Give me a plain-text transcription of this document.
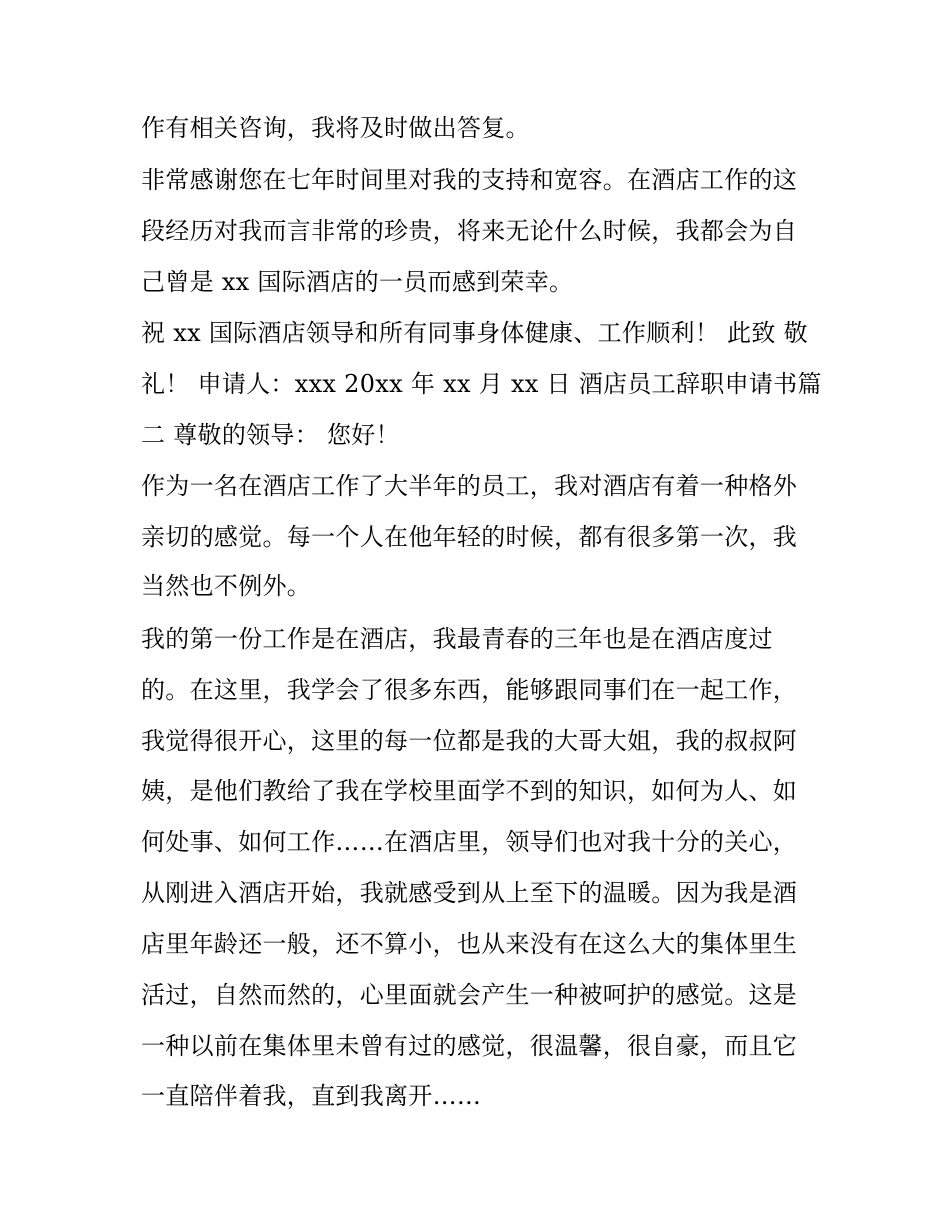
作有相关咨询，我将及时做出答复。
非常感谢您在七年时间里对我的支持和宽容。在酒店工作的这
段经历对我而言非常的珍贵，将来无论什么时候，我都会为自
己曾是 xx 国际酒店的一员而感到荣幸。
祝 xx 国际酒店领导和所有同事身体健康、工作顺利！ 此致 敬
礼！ 申请人：xxx 20xx 年 xx 月 xx 日 酒店员工辞职申请书篇
二 尊敬的领导： 您好！
作为一名在酒店工作了大半年的员工，我对酒店有着一种格外
亲切的感觉。每一个人在他年轻的时候，都有很多第一次，我
当然也不例外。
我的第一份工作是在酒店，我最青春的三年也是在酒店度过
的。在这里，我学会了很多东西，能够跟同事们在一起工作，
我觉得很开心，这里的每一位都是我的大哥大姐，我的叔叔阿
姨，是他们教给了我在学校里面学不到的知识，如何为人、如
何处事、如何工作……在酒店里，领导们也对我十分的关心，
从刚进入酒店开始，我就感受到从上至下的温暖。因为我是酒
店里年龄还一般，还不算小，也从来没有在这么大的集体里生
活过，自然而然的，心里面就会产生一种被呵护的感觉。这是
一种以前在集体里未曾有过的感觉，很温馨，很自豪，而且它
一直陪伴着我，直到我离开……
